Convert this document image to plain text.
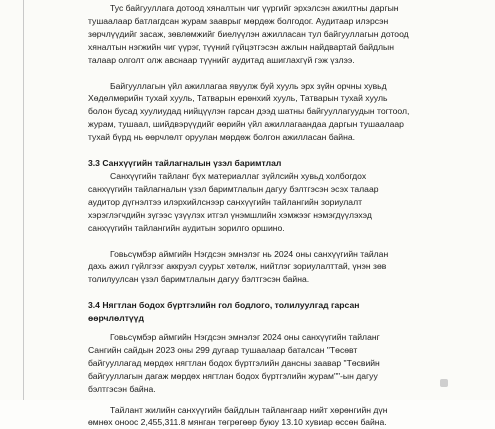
Тус байгууллага дотоод хяналтын чиг үүргийг эрхэлсэн ажилтны даргын
тушаалаар батлагдсан журам зааврыг мөрдөж болгодог. Аудитаар илэрсэн
зөрчлүүдийг засаж, зөвлөмжийг биелүүлэн ажилласан тул байгууллагын дотоод
хяналтын нэгжийн чиг үүрэг, түүний гүйцэтгэсэн ажлын найдвартай байдлын
талаар олголт олж авснаар түүнийг аудитад ашиглахгүй гэж үзлээ.
Байгууллагын үйл ажиллагаа явуулж буй хууль эрх зүйн орчны хувьд
Хөдөлмөрийн тухай хууль, Татварын ерөнхий хууль, Татварын тухай хууль
болон бусад хуулиудад нийцүүлэн гарсан дээд шатны байгууллагуудын тогтоол,
журам, тушаал, шийдвэрүүдийг өөрийн үйл ажиллагаандаа даргын тушаалаар
тухай бүрд нь өөрчлөлт оруулан мөрдөж болгон ажилласан байна.
3.3 Санхүүгийн тайлагналын үзэл баримтлал
Санхүүгийн тайланг бүх материаллаг зүйлсийн хувьд холбогдох
санхүүгийн тайлагналын үзэл баримтлалын дагуу бэлтгэсэн эсэх талаар
аудитор дүгнэлтээ илэрхийлснээр санхүүгийн тайлангийн зориулалт
хэрэглэгчдийн зүгээс үзүүлэх итгэл үнэмшлийн хэмжээг нэмэгдүүлэхэд
санхүүгийн тайлангийн аудитын зорилго оршино.
Говьсүмбэр аймгийн Нэгдсэн эмнэлэг нь 2024 оны санхүүгийн тайлан
дахь ажил гүйлгээг аккруэл суурьт хөтөлж, нийтлэг зориулалттай, үнэн зөв
толилуулсан үзэл баримтлалын дагуу бэлтгэсэн байна.
3.4 Нягтлан бодох бүртгэлийн гол бодлого, толилуулгад гарсан
өөрчлөлтүүд
Говьсүмбэр аймгийн Нэгдсэн эмнэлэг 2024 оны санхүүгийн тайланг
Сангийн сайдын 2023 оны 299 дугаар тушаалаар баталсан "Төсөвт
байгууллагад мөрдөх нягтлан бодох бүртгэлийн дансны заавар "Төсвийн
байгууллагын дагаж мөрдөх нягтлан бодох бүртгэлийн журам""-ын дагуу
бэлтгэсэн байна.
Тайлант жилийн санхүүгийн байдлын тайлангаар нийт хөрөнгийн дүн
өмнөх оноос 2,455,311.8 мянган төгрөгөөр буюу 13.10 хувиар өссөн байна.
